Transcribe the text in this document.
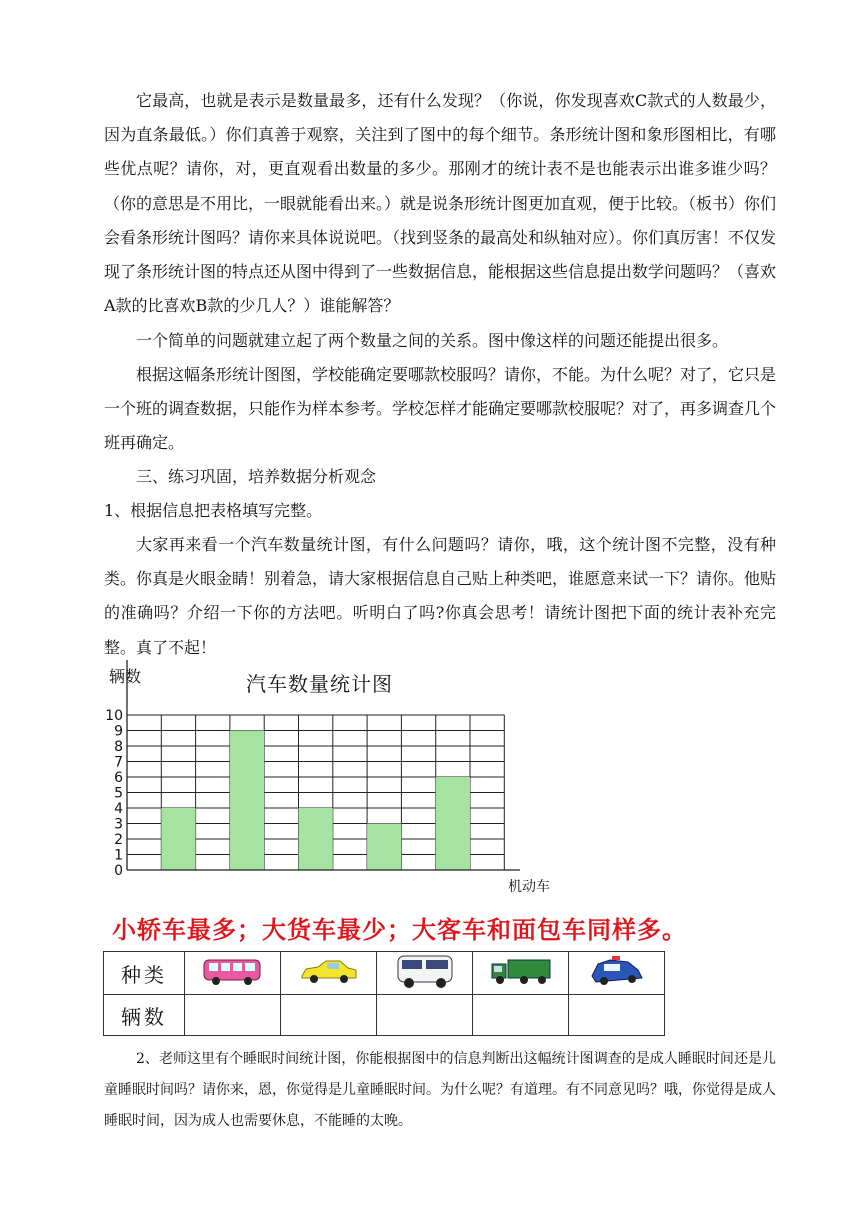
它最高，也就是表示是数量最多，还有什么发现？（你说，你发现喜欢C款式的人数最少，因为直条最低。）你们真善于观察，关注到了图中的每个细节。条形统计图和象形图相比，有哪些优点呢？请你，对，更直观看出数量的多少。那刚才的统计表不是也能表示出谁多谁少吗？（你的意思是不用比，一眼就能看出来。）就是说条形统计图更加直观，便于比较。（板书）你们会看条形统计图吗？请你来具体说说吧。（找到竖条的最高处和纵轴对应）。你们真厉害！不仅发现了条形统计图的特点还从图中得到了一些数据信息，能根据这些信息提出数学问题吗？（喜欢A款的比喜欢B款的少几人？）谁能解答？

一个简单的问题就建立起了两个数量之间的关系。图中像这样的问题还能提出很多。

根据这幅条形统计图图，学校能确定要哪款校服吗？请你，不能。为什么呢？对了，它只是一个班的调查数据，只能作为样本参考。学校怎样才能确定要哪款校服呢？对了，再多调查几个班再确定。

三、练习巩固，培养数据分析观念

1、根据信息把表格填写完整。

大家再来看一个汽车数量统计图，有什么问题吗？请你，哦，这个统计图不完整，没有种类。你真是火眼金睛！别着急，请大家根据信息自己贴上种类吧，谁愿意来试一下？请你。他贴的准确吗？介绍一下你的方法吧。听明白了吗?你真会思考！请统计图把下面的统计表补充完整。真了不起！

辆数	汽车数量统计图
机动车
0
1
2
3
4
5
6
7
8
9
10
小轿车最多；大货车最少；大客车和面包车同样多。
种类					
辆数					

2、老师这里有个睡眠时间统计图，你能根据图中的信息判断出这幅统计图调查的是成人睡眠时间还是儿童睡眠时间吗？请你来，恩，你觉得是儿童睡眠时间。为什么呢？有道理。有不同意见吗？哦，你觉得是成人睡眠时间，因为成人也需要休息，不能睡的太晚。
